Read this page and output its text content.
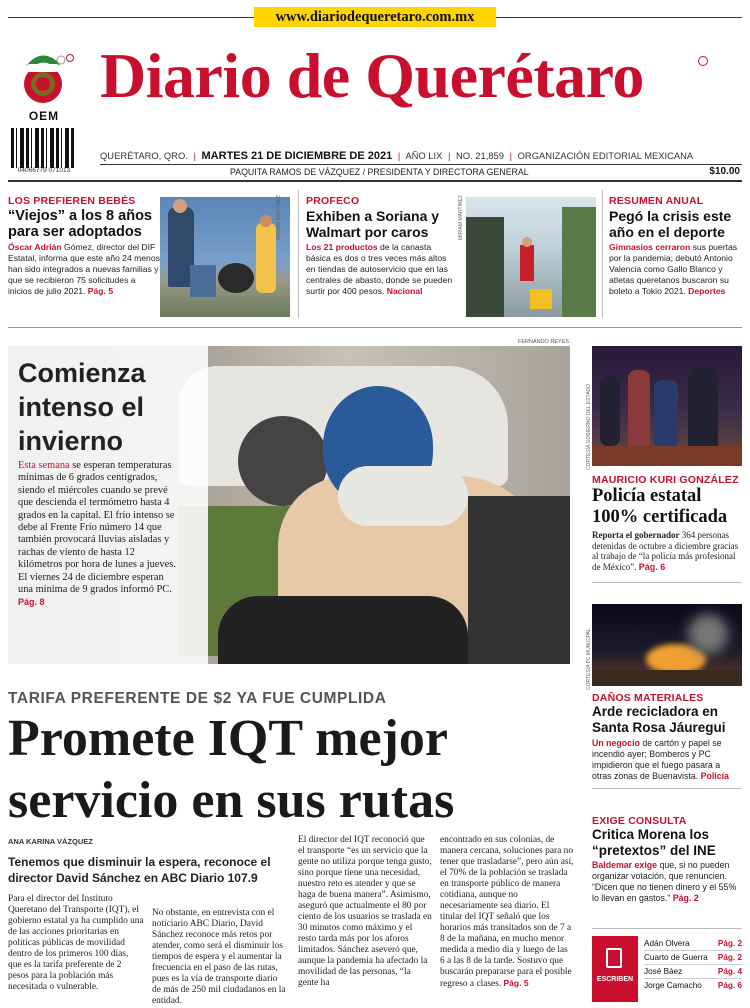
www.diariodequeretaro.com.mx
OEM
04066779 071013
Diario de Querétaro
QUERÉTARO, QRO. | MARTES 21 DE DICIEMBRE DE 2021 | AÑO LIX | NO. 21,859 | ORGANIZACIÓN EDITORIAL MEXICANA
PAQUITA RAMOS DE VÁZQUEZ / PRESIDENTA Y DIRECTORA GENERAL	$10.00
LOS PREFIEREN BEBÉS
“Viejos” a los 8 años para ser adoptados
Óscar Adrián Gómez, director del DIF Estatal, informa que este año 24 menos han sido integrados a nuevas familias y que se recibieron 75 solicitudes a inicios de julio 2021. Pág. 5
PROFECO
Exhiben a Soriana y Walmart por caros
Los 21 productos de la canasta básica es dos o tres veces más altos en tiendas de autoservicio que en las centrales de abasto, donde se pueden surtir por 400 pesos. Nacional
MIRIAM MARTÍNEZ	MIRIAM MARTÍNEZ	RESUMEN ANUAL
Pegó la crisis este año en el deporte
Gimnasios cerraron sus puertas por la pandemia; debutó Antonio Valencia como Gallo Blanco y atletas queretanos buscaron su boleto a Tokio 2021. Deportes
FERNANDO REYES
Comienza intenso el invierno
Esta semana se esperan temperaturas mínimas de 6 grados centígrados, siendo el miércoles cuando se prevé que descienda el termómetro hasta 4 grados en la capital. El frío intenso se debe al Frente Frío número 14 que también provocará lluvias aisladas y rachas de viento de hasta 12 kilómetros por hora de lunes a jueves. El viernes 24 de diciembre esperan una mínima de 9 grados informó PC. Pág. 8
CORTESÍA GOBIERNO DEL ESTADO
MAURICIO KURI GONZÁLEZ
Policía estatal 100% certificada
Reporta el gobernador 364 personas detenidas de octubre a diciembre gracias al trabajo de “la policía más profesional de México”. Pág. 6
CORTESÍA PC MUNICIPAL
DAÑOS MATERIALES
Arde recicladora en Santa Rosa Jáuregui
Un negocio de cartón y papel se incendió ayer; Bomberos y PC impidieron que el fuego pasara a otras zonas de Buenavista. Policía
EXIGE CONSULTA
Critica Morena los “pretextos” del INE
Baldemar exige que, si no pueden organizar votación, que renuncien. “Dicen que no tienen dinero y el 55% lo llevan en gastos.” Pág. 2
ESCRIBEN
Adán Olvera	Pág. 2
Cuarto de Guerra Pág. 2
José Báez	Pág. 4
Jorge Camacho Pág. 6
TARIFA PREFERENTE DE $2 YA FUE CUMPLIDA
Promete IQT mejor
servicio en sus rutas
ANA KARINA VÁZQUEZ
Tenemos que disminuir la espera, reconoce el director David Sánchez en ABC Diario 107.9
Para el director del Instituto Queretano del Transporte (IQT), el gobierno estatal ya ha cumplido una de las acciones prioritarias en políticas públicas de movilidad dentro de los primeros 100 días, que es la tarifa preferente de 2 pesos para la población más necesitada o vulnerable.
No obstante, en entrevista con el noticiario ABC Diario, David Sánchez reconoce más retos por atender, como será el disminuir los tiempos de espera y el aumentar la frecuencia en el paso de las rutas, pues es la vía de transporte diario de más de 250 mil ciudadanos en la entidad.
El director del IQT reconoció que el transporte “es un servicio que la gente no utiliza porque tenga gusto, sino porque tiene una necesidad, nuestro reto es atender y que se haga de buena manera”. Asimismo, aseguró que actualmente el 80 por ciento de los usuarios se traslada en 30 minutos como máximo y el resto tarda más por los aforos limitados. Sánchez aseveró que, aunque la pandemia ha afectado la movilidad de las personas, “la gente ha
encontrado en sus colonias, de manera cercana, soluciones para no tener que trasladarse”, pero aún así, el 70% de la población se traslada en transporte público de manera cotidiana, aunque no necesariamente sea diario. El titular del IQT señaló que los horarios más transitados son de 7 a 8 de la mañana, en mucho menor medida a medio día y luego de las 6 a las 8 de la tarde. Sostuvo que buscarán prepararse para el posible regreso a clases. Pág. 5
